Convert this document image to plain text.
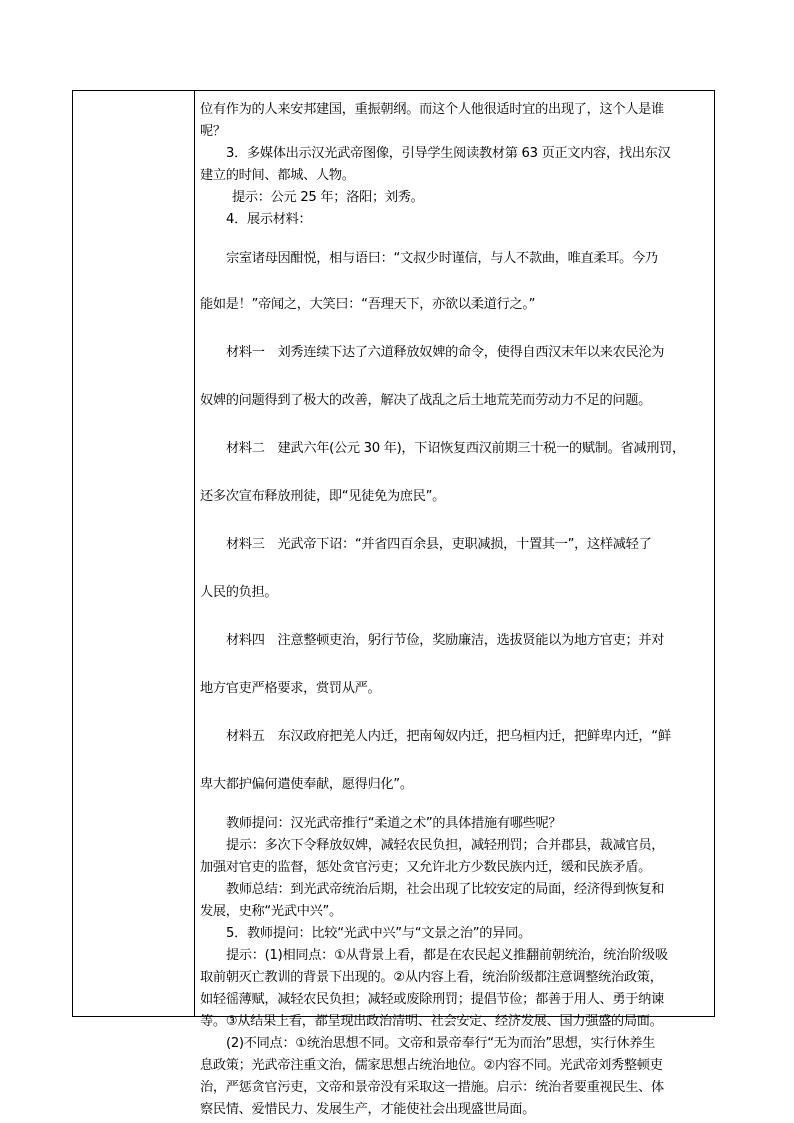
位有作为的人来安邦建国，重振朝纲。而这个人他很适时宜的出现了，这个人是谁

呢？

3．多媒体出示汉光武帝图像，引导学生阅读教材第 63 页正文内容，找出东汉

建立的时间、都城、人物。

提示：公元 25 年；洛阳；刘秀。

4．展示材料：

宗室诸母因酣悦，相与语曰：“文叔少时谨信，与人不款曲，唯直柔耳。今乃

能如是！”帝闻之，大笑曰：“吾理天下，亦欲以柔道行之。”

材料一　刘秀连续下达了六道释放奴婢的命令，使得自西汉末年以来农民沦为

奴婢的问题得到了极大的改善，解决了战乱之后土地荒芜而劳动力不足的问题。

材料二　建武六年(公元 30 年)，下诏恢复西汉前期三十税一的赋制。省减刑罚，

还多次宣布释放刑徒，即“见徒免为庶民”。

材料三　光武帝下诏：“并省四百余县，吏职减损，十置其一”，这样减轻了

人民的负担。

材料四　注意整顿吏治，躬行节俭，奖励廉洁，选拔贤能以为地方官吏；并对

地方官吏严格要求，赏罚从严。

材料五　东汉政府把羌人内迁，把南匈奴内迁，把乌桓内迁，把鲜卑内迁，“鲜

卑大都护偏何遣使奉献，愿得归化”。

教师提问：汉光武帝推行“柔道之术”的具体措施有哪些呢？

提示：多次下令释放奴婢，减轻农民负担，减轻刑罚；合并郡县，裁减官员，

加强对官吏的监督，惩处贪官污吏；又允许北方少数民族内迁，缓和民族矛盾。

教师总结：到光武帝统治后期，社会出现了比较安定的局面，经济得到恢复和

发展，史称“光武中兴”。

5．教师提问：比较“光武中兴”与“文景之治”的异同。

提示：(1)相同点：①从背景上看，都是在农民起义推翻前朝统治，统治阶级吸

取前朝灭亡教训的背景下出现的。②从内容上看，统治阶级都注意调整统治政策，

如轻徭薄赋，减轻农民负担；减轻或废除刑罚；提倡节俭；都善于用人、勇于纳谏

等。③从结果上看，都呈现出政治清明、社会安定、经济发展、国力强盛的局面。

(2)不同点：①统治思想不同。文帝和景帝奉行“无为而治”思想，实行休养生

息政策；光武帝注重文治，儒家思想占统治地位。②内容不同。光武帝刘秀整顿吏

治，严惩贪官污吏，文帝和景帝没有采取这一措施。启示：统治者要重视民生、体

察民情、爱惜民力、发展生产，才能使社会出现盛世局面。
